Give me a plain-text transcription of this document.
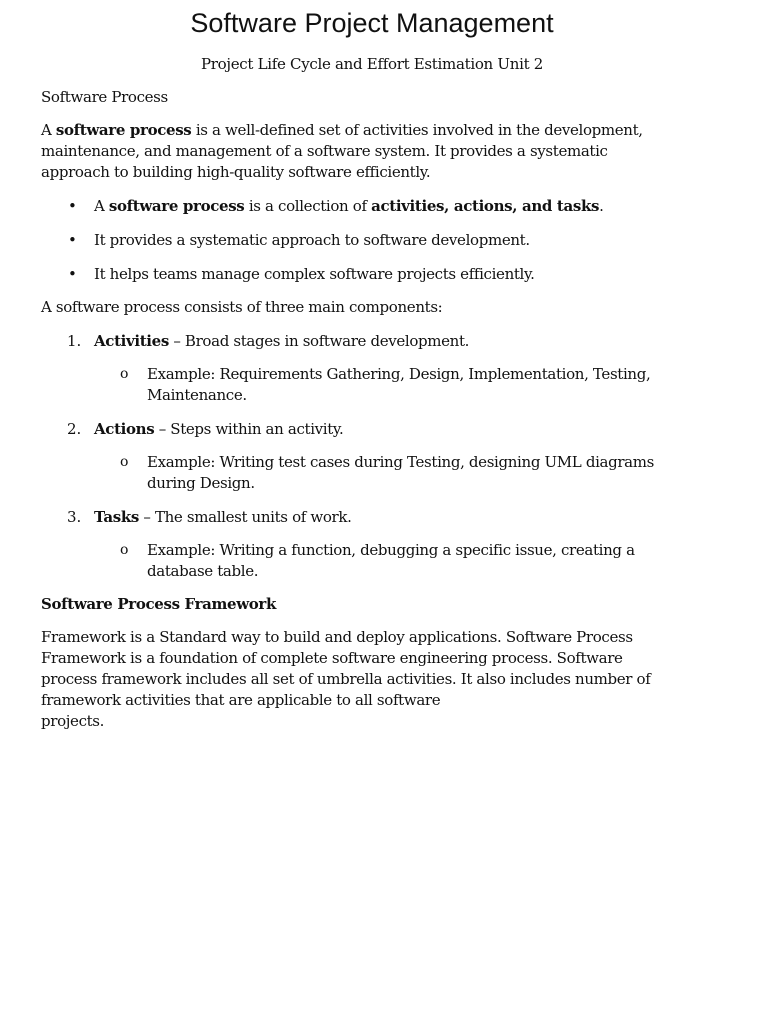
Software Project Management
Project Life Cycle and Effort Estimation Unit 2
Software Process
A software process is a well-defined set of activities involved in the development,
maintenance, and management of a software system. It provides a systematic
approach to building high-quality software efficiently.
• A software process is a collection of activities, actions, and tasks.
• It provides a systematic approach to software development.
• It helps teams manage complex software projects efficiently.
A software process consists of three main components:
1. Activities – Broad stages in software development.
o Example: Requirements Gathering, Design, Implementation, Testing,
Maintenance.
2. Actions – Steps within an activity.
o Example: Writing test cases during Testing, designing UML diagrams
during Design.
3. Tasks – The smallest units of work.
o Example: Writing a function, debugging a specific issue, creating a
database table.
Software Process Framework
Framework is a Standard way to build and deploy applications. Software Process
Framework is a foundation of complete software engineering process. Software
process framework includes all set of umbrella activities. It also includes number of
framework activities that are applicable to all software
projects.
